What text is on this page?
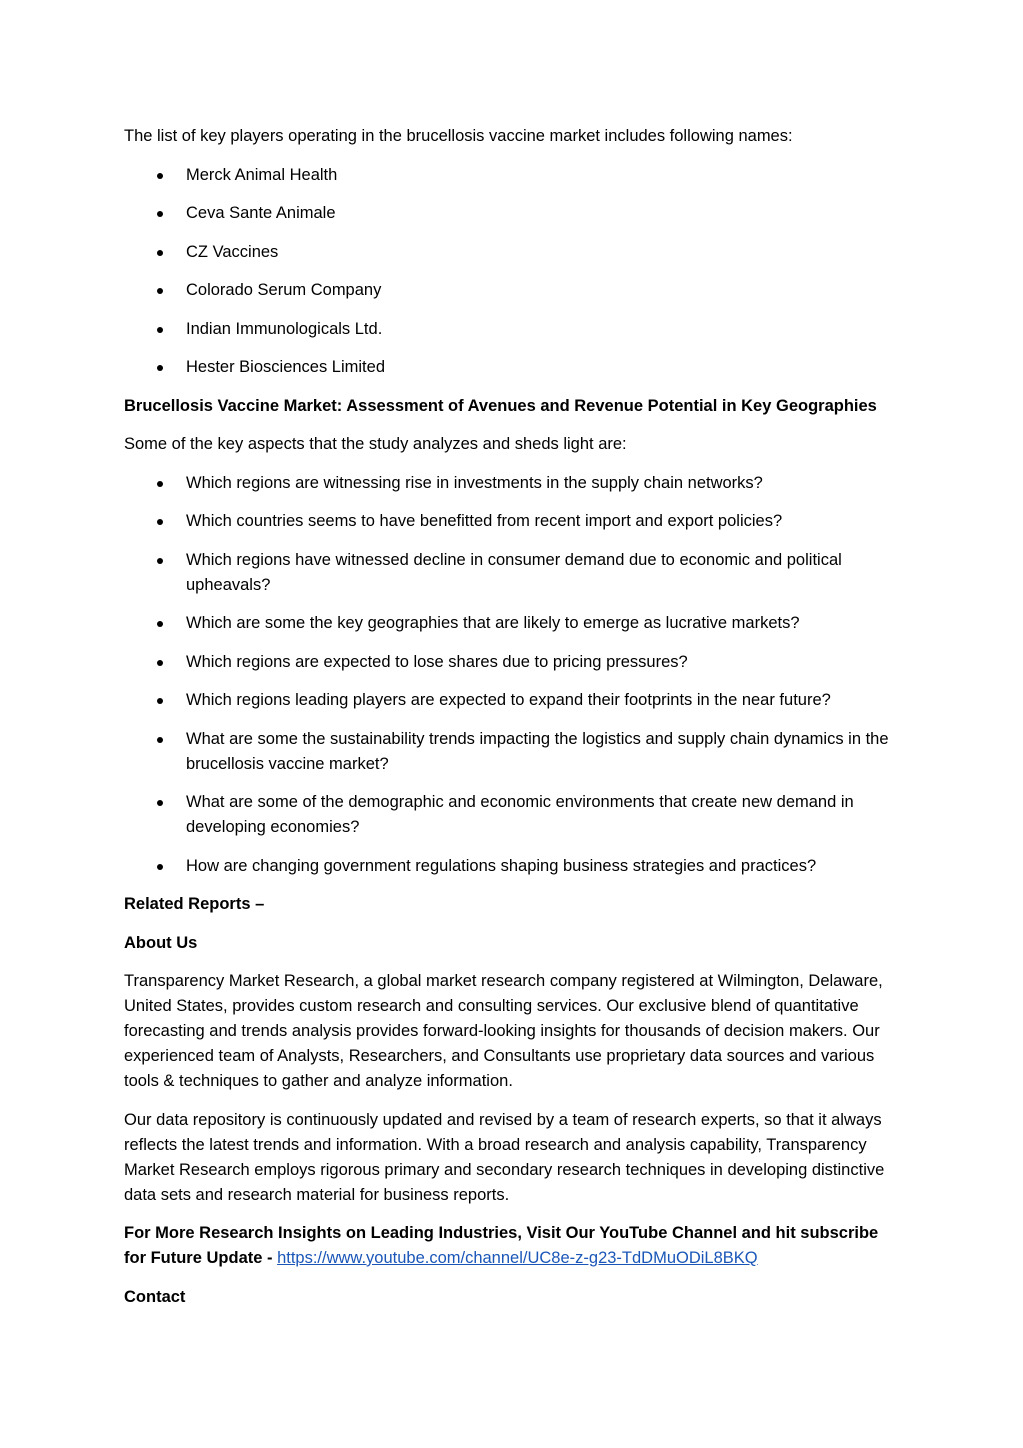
The list of key players operating in the brucellosis vaccine market includes following names:

Merck Animal Health
Ceva Sante Animale
CZ Vaccines
Colorado Serum Company
Indian Immunologicals Ltd.
Hester Biosciences Limited

Brucellosis Vaccine Market: Assessment of Avenues and Revenue Potential in Key Geographies

Some of the key aspects that the study analyzes and sheds light are:

Which regions are witnessing rise in investments in the supply chain networks?
Which countries seems to have benefitted from recent import and export policies?
Which regions have witnessed decline in consumer demand due to economic and political upheavals?
Which are some the key geographies that are likely to emerge as lucrative markets?
Which regions are expected to lose shares due to pricing pressures?
Which regions leading players are expected to expand their footprints in the near future?
What are some the sustainability trends impacting the logistics and supply chain dynamics in the brucellosis vaccine market?
What are some of the demographic and economic environments that create new demand in developing economies?
How are changing government regulations shaping business strategies and practices?

Related Reports –

About Us

Transparency Market Research, a global market research company registered at Wilmington, Delaware, United States, provides custom research and consulting services. Our exclusive blend of quantitative forecasting and trends analysis provides forward-looking insights for thousands of decision makers. Our experienced team of Analysts, Researchers, and Consultants use proprietary data sources and various tools & techniques to gather and analyze information.

Our data repository is continuously updated and revised by a team of research experts, so that it always reflects the latest trends and information. With a broad research and analysis capability, Transparency Market Research employs rigorous primary and secondary research techniques in developing distinctive data sets and research material for business reports.

For More Research Insights on Leading Industries, Visit Our YouTube Channel and hit subscribe for Future Update - https://www.youtube.com/channel/UC8e-z-g23-TdDMuODiL8BKQ

Contact
